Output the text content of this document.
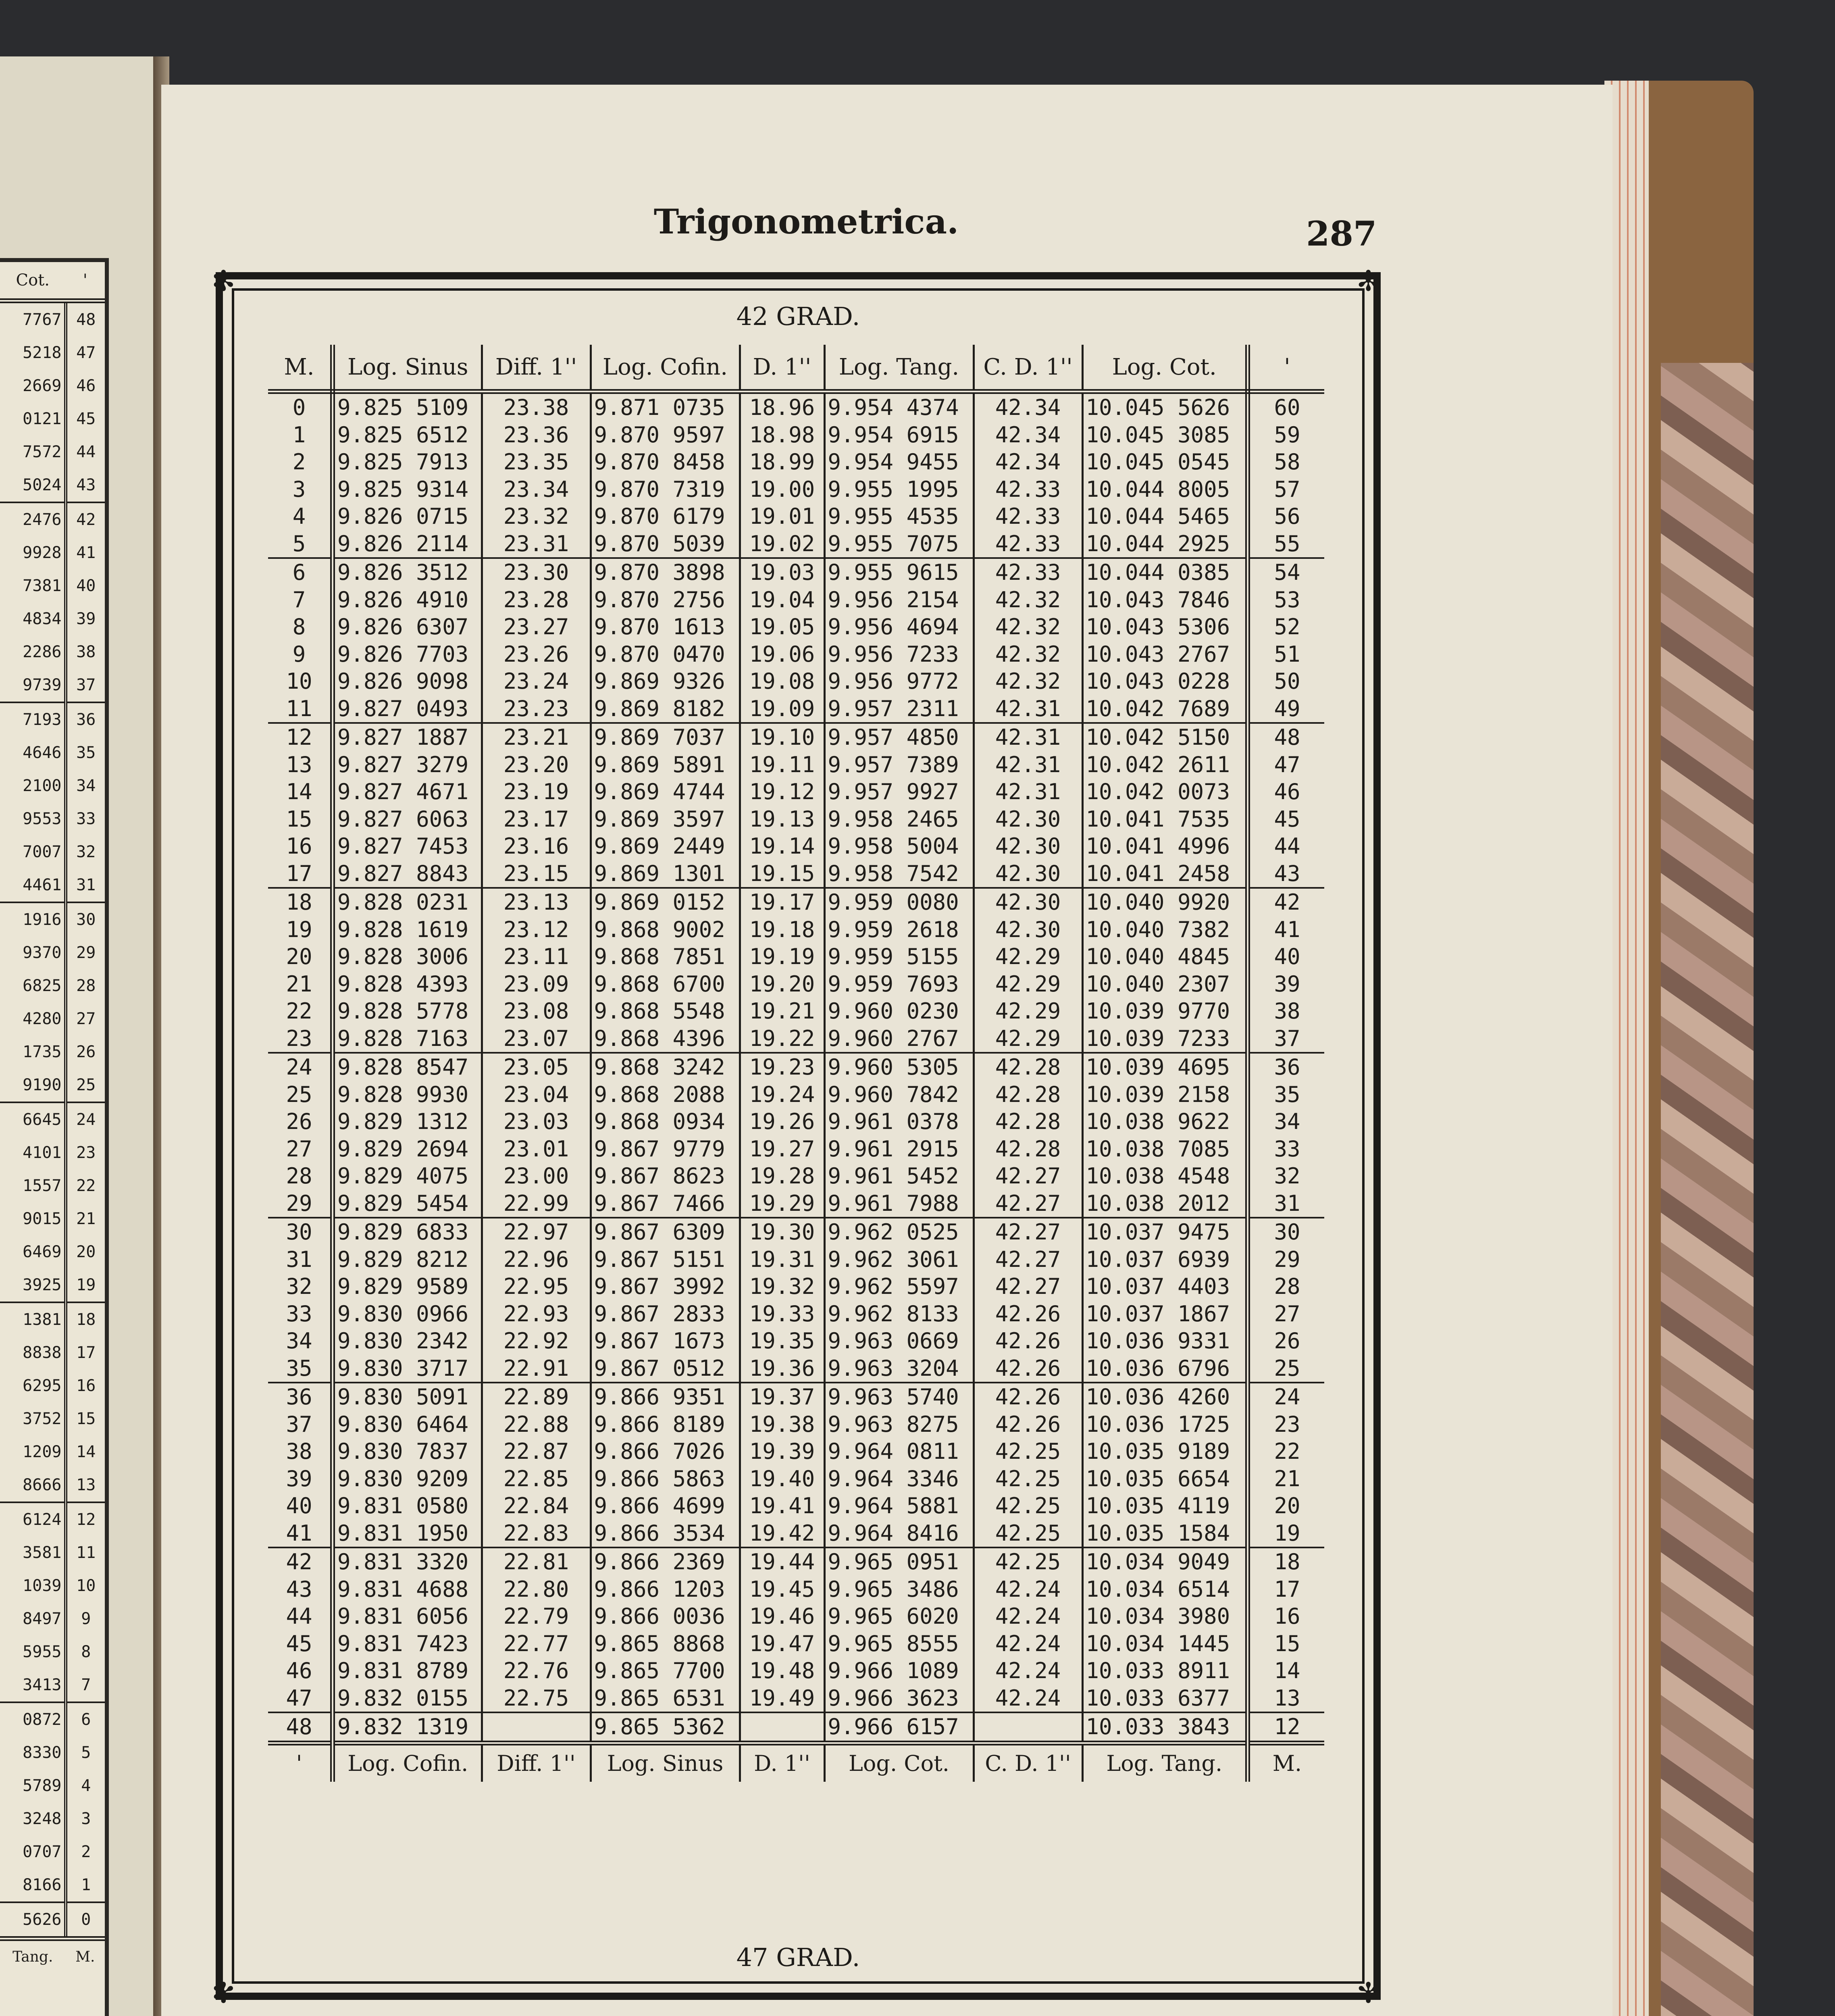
Cot.	'
7767	48
5218	47
2669	46
0121	45
7572	44
5024	43
2476	42
9928	41
7381	40
4834	39
2286	38
9739	37
7193	36
4646	35
2100	34
9553	33
7007	32
4461	31
1916	30
9370	29
6825	28
4280	27
1735	26
9190	25
6645	24
4101	23
1557	22
9015	21
6469	20
3925	19
1381	18
8838	17
6295	16
3752	15
1209	14
8666	13
6124	12
3581	11
1039	10
8497	9
5955	8
3413	7
0872	6
8330	5
5789	4
3248	3
0707	2
8166	1
5626	0
Tang.	M.
Trigonometrica.	287
✻	✻
✻	✻
42 GRAD.
M.	Log. Sinus	Diff. 1''	Log. Cofin.	D. 1''	Log. Tang.	C. D. 1''	Log. Cot.	'
0	9.825 5109	23.38	9.871 0735	18.96	9.954 4374	42.34	10.045 5626	60
1	9.825 6512	23.36	9.870 9597	18.98	9.954 6915	42.34	10.045 3085	59
2	9.825 7913	23.35	9.870 8458	18.99	9.954 9455	42.34	10.045 0545	58
3	9.825 9314	23.34	9.870 7319	19.00	9.955 1995	42.33	10.044 8005	57
4	9.826 0715	23.32	9.870 6179	19.01	9.955 4535	42.33	10.044 5465	56
5	9.826 2114	23.31	9.870 5039	19.02	9.955 7075	42.33	10.044 2925	55
6	9.826 3512	23.30	9.870 3898	19.03	9.955 9615	42.33	10.044 0385	54
7	9.826 4910	23.28	9.870 2756	19.04	9.956 2154	42.32	10.043 7846	53
8	9.826 6307	23.27	9.870 1613	19.05	9.956 4694	42.32	10.043 5306	52
9	9.826 7703	23.26	9.870 0470	19.06	9.956 7233	42.32	10.043 2767	51
10	9.826 9098	23.24	9.869 9326	19.08	9.956 9772	42.32	10.043 0228	50
11	9.827 0493	23.23	9.869 8182	19.09	9.957 2311	42.31	10.042 7689	49
12	9.827 1887	23.21	9.869 7037	19.10	9.957 4850	42.31	10.042 5150	48
13	9.827 3279	23.20	9.869 5891	19.11	9.957 7389	42.31	10.042 2611	47
14	9.827 4671	23.19	9.869 4744	19.12	9.957 9927	42.31	10.042 0073	46
15	9.827 6063	23.17	9.869 3597	19.13	9.958 2465	42.30	10.041 7535	45
16	9.827 7453	23.16	9.869 2449	19.14	9.958 5004	42.30	10.041 4996	44
17	9.827 8843	23.15	9.869 1301	19.15	9.958 7542	42.30	10.041 2458	43
18	9.828 0231	23.13	9.869 0152	19.17	9.959 0080	42.30	10.040 9920	42
19	9.828 1619	23.12	9.868 9002	19.18	9.959 2618	42.30	10.040 7382	41
20	9.828 3006	23.11	9.868 7851	19.19	9.959 5155	42.29	10.040 4845	40
21	9.828 4393	23.09	9.868 6700	19.20	9.959 7693	42.29	10.040 2307	39
22	9.828 5778	23.08	9.868 5548	19.21	9.960 0230	42.29	10.039 9770	38
23	9.828 7163	23.07	9.868 4396	19.22	9.960 2767	42.29	10.039 7233	37
24	9.828 8547	23.05	9.868 3242	19.23	9.960 5305	42.28	10.039 4695	36
25	9.828 9930	23.04	9.868 2088	19.24	9.960 7842	42.28	10.039 2158	35
26	9.829 1312	23.03	9.868 0934	19.26	9.961 0378	42.28	10.038 9622	34
27	9.829 2694	23.01	9.867 9779	19.27	9.961 2915	42.28	10.038 7085	33
28	9.829 4075	23.00	9.867 8623	19.28	9.961 5452	42.27	10.038 4548	32
29	9.829 5454	22.99	9.867 7466	19.29	9.961 7988	42.27	10.038 2012	31
30	9.829 6833	22.97	9.867 6309	19.30	9.962 0525	42.27	10.037 9475	30
31	9.829 8212	22.96	9.867 5151	19.31	9.962 3061	42.27	10.037 6939	29
32	9.829 9589	22.95	9.867 3992	19.32	9.962 5597	42.27	10.037 4403	28
33	9.830 0966	22.93	9.867 2833	19.33	9.962 8133	42.26	10.037 1867	27
34	9.830 2342	22.92	9.867 1673	19.35	9.963 0669	42.26	10.036 9331	26
35	9.830 3717	22.91	9.867 0512	19.36	9.963 3204	42.26	10.036 6796	25
36	9.830 5091	22.89	9.866 9351	19.37	9.963 5740	42.26	10.036 4260	24
37	9.830 6464	22.88	9.866 8189	19.38	9.963 8275	42.26	10.036 1725	23
38	9.830 7837	22.87	9.866 7026	19.39	9.964 0811	42.25	10.035 9189	22
39	9.830 9209	22.85	9.866 5863	19.40	9.964 3346	42.25	10.035 6654	21
40	9.831 0580	22.84	9.866 4699	19.41	9.964 5881	42.25	10.035 4119	20
41	9.831 1950	22.83	9.866 3534	19.42	9.964 8416	42.25	10.035 1584	19
42	9.831 3320	22.81	9.866 2369	19.44	9.965 0951	42.25	10.034 9049	18
43	9.831 4688	22.80	9.866 1203	19.45	9.965 3486	42.24	10.034 6514	17
44	9.831 6056	22.79	9.866 0036	19.46	9.965 6020	42.24	10.034 3980	16
45	9.831 7423	22.77	9.865 8868	19.47	9.965 8555	42.24	10.034 1445	15
46	9.831 8789	22.76	9.865 7700	19.48	9.966 1089	42.24	10.033 8911	14
47	9.832 0155	22.75	9.865 6531	19.49	9.966 3623	42.24	10.033 6377	13
48	9.832 1319		9.865 5362		9.966 6157		10.033 3843	12
'	Log. Cofin.	Diff. 1''	Log. Sinus	D. 1''	Log. Cot.	C. D. 1''	Log. Tang.	M.
47 GRAD.
